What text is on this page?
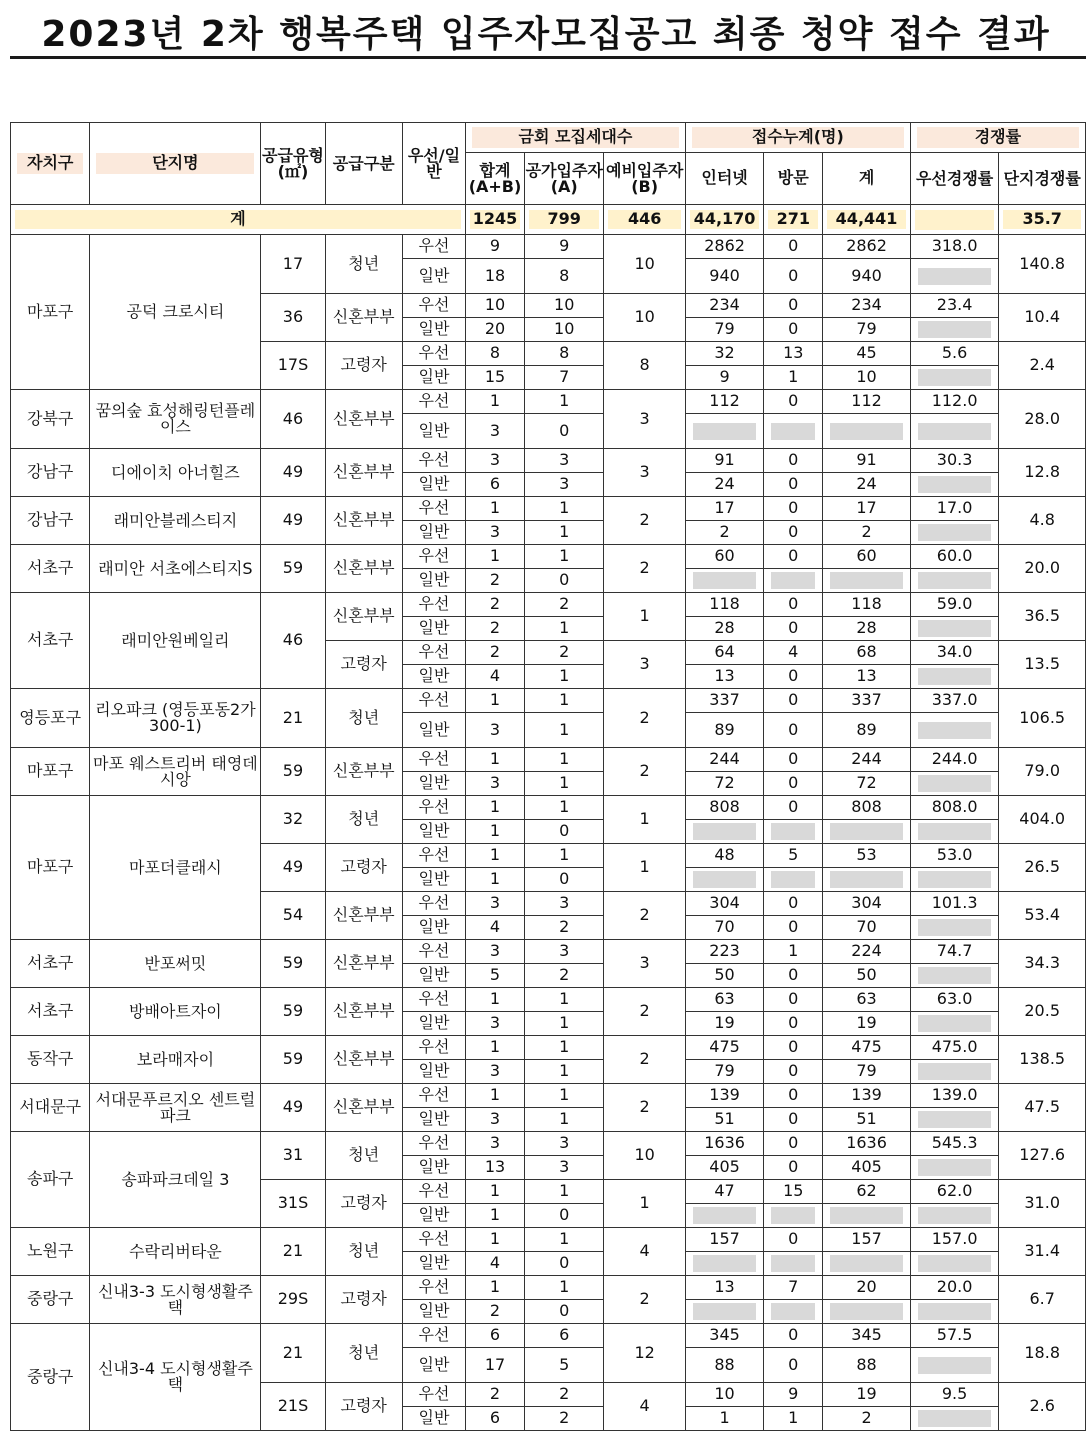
2023년 2차 행복주택 입주자모집공고 최종 청약 접수 결과
자치구	단지명	공급유형(㎡)	공급구분	우선/일반	금회 모집세대수			접수누계(명)			경쟁률	

					합계(A+B)	공가입주자(A)	예비입주자(B)	인터넷	방문	계	우선경쟁률	단지경쟁률

계					1245	799	446	44,170	271	44,441		35.7

마포구	공덕 크로시티	17	청년	우선	9	9	10	2862	0	2862	318.0	140.8
				일반	18	8		940	0	940		

		36	신혼부부	우선	10	10	10	234	0	234	23.4	10.4
				일반	20	10		79	0	79		

		17S	고령자	우선	8	8	8	32	13	45	5.6	2.4
				일반	15	7		9	1	10		

강북구	꿈의숲 효성해링턴플레이스	46	신혼부부	우선	1	1	3	112	0	112	112.0	28.0
				일반	3	0			

강남구	디에이치 아너힐즈	49	신혼부부	우선	3	3	3	91	0	91	30.3	12.8
				일반	6	3		24	0	24		

강남구	래미안블레스티지	49	신혼부부	우선	1	1	2	17	0	17	17.0	4.8
				일반	3	1		2	0	2		

서초구	래미안 서초에스티지S	59	신혼부부	우선	1	1	2	60	0	60	60.0	20.0
				일반	2	0			

서초구	래미안원베일리	46	신혼부부	우선	2	2	1	118	0	118	59.0	36.5
				일반	2	1		28	0	28		

			고령자	우선	2	2	3	64	4	68	34.0	13.5
				일반	4	1		13	0	13		

영등포구	리오파크 (영등포동2가 300-1)	21	청년	우선	1	1	2	337	0	337	337.0	106.5
				일반	3	1		89	0	89		

마포구	마포 웨스트리버 태영데시앙	59	신혼부부	우선	1	1	2	244	0	244	244.0	79.0
				일반	3	1		72	0	72		

마포구	마포더클래시	32	청년	우선	1	1	1	808	0	808	808.0	404.0
				일반	1	0			

		49	고령자	우선	1	1	1	48	5	53	53.0	26.5
				일반	1	0			

		54	신혼부부	우선	3	3	2	304	0	304	101.3	53.4
				일반	4	2		70	0	70		

서초구	반포써밋	59	신혼부부	우선	3	3	3	223	1	224	74.7	34.3
				일반	5	2		50	0	50		

서초구	방배아트자이	59	신혼부부	우선	1	1	2	63	0	63	63.0	20.5
				일반	3	1		19	0	19		

동작구	보라매자이	59	신혼부부	우선	1	1	2	475	0	475	475.0	138.5
				일반	3	1		79	0	79		

서대문구	서대문푸르지오 센트럴파크	49	신혼부부	우선	1	1	2	139	0	139	139.0	47.5
				일반	3	1		51	0	51		

송파구	송파파크데일 3	31	청년	우선	3	3	10	1636	0	1636	545.3	127.6
				일반	13	3		405	0	405		

		31S	고령자	우선	1	1	1	47	15	62	62.0	31.0
				일반	1	0			

노원구	수락리버타운	21	청년	우선	1	1	4	157	0	157	157.0	31.4
				일반	4	0			

중랑구	신내3-3 도시형생활주택	29S	고령자	우선	1	1	2	13	7	20	20.0	6.7
				일반	2	0			

중랑구	신내3-4 도시형생활주택	21	청년	우선	6	6	12	345	0	345	57.5	18.8
				일반	17	5		88	0	88		

		21S	고령자	우선	2	2	4	10	9	19	9.5	2.6
				일반	6	2		1	1	2		
